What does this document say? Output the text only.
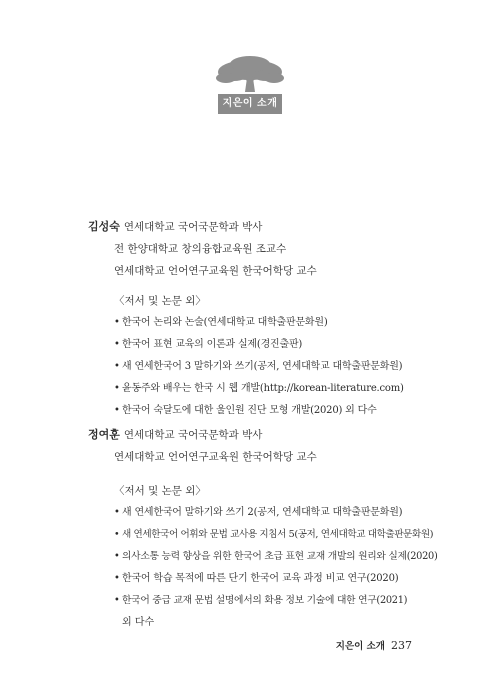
지은이 소개
김성숙 연세대학교 국어국문학과 박사
전 한양대학교 창의융합교육원 조교수
연세대학교 언어연구교육원 한국어학당 교수
〈저서 및 논문 외〉
• 한국어 논리와 논술(연세대학교 대학출판문화원)
• 한국어 표현 교육의 이론과 실제(경진출판)
• 새 연세한국어 3 말하기와 쓰기(공저, 연세대학교 대학출판문화원)
• 윤동주와 배우는 한국 시 웹 개발(http://korean-literature.com)
• 한국어 숙달도에 대한 울인원 진단 모형 개발(2020) 외 다수
정여훈 연세대학교 국어국문학과 박사
연세대학교 언어연구교육원 한국어학당 교수
〈저서 및 논문 외〉
• 새 연세한국어 말하기와 쓰기 2(공저, 연세대학교 대학출판문화원)
• 새 연세한국어 어휘와 문법 교사용 지침서 5(공저, 연세대학교 대학출판문화원)
• 의사소통 능력 향상을 위한 한국어 초급 표현 교재 개발의 원리와 실제(2020)
• 한국어 학습 목적에 따른 단기 한국어 교육 과정 비교 연구(2020)
• 한국어 중급 교재 문법 설명에서의 화용 정보 기술에 대한 연구(2021)
외 다수
지은이 소개 237
